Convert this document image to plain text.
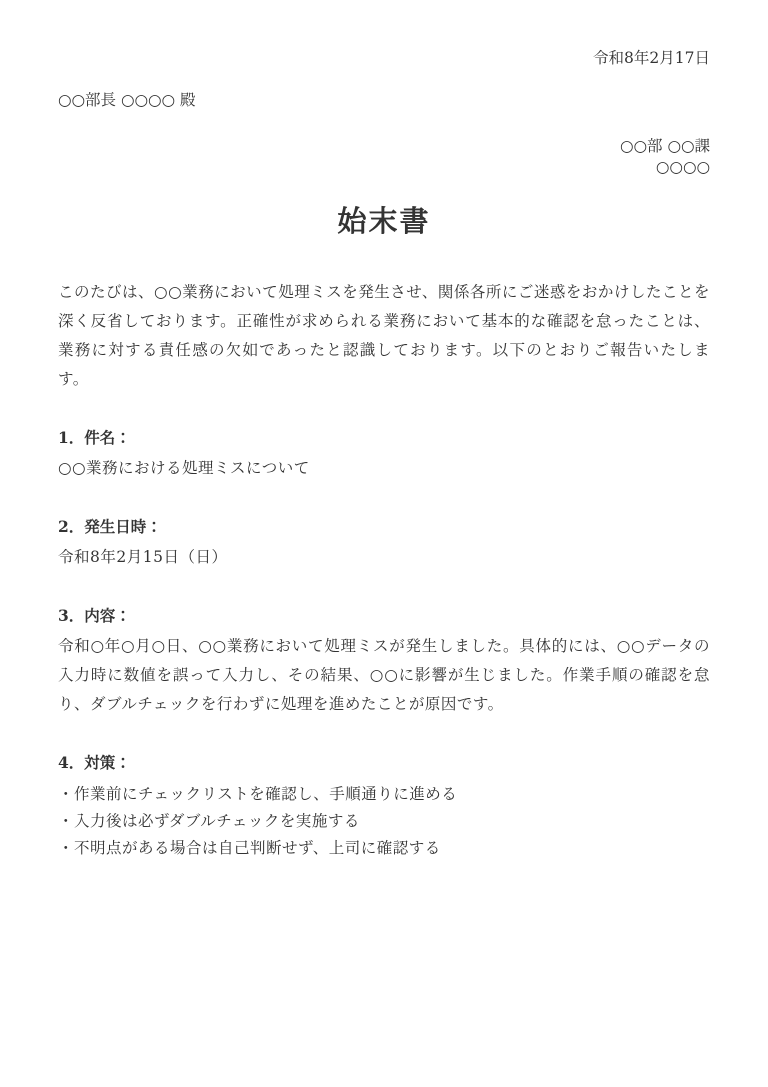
令和8年2月17日
○○部長 ○○○○ 殿
○○部 ○○課
○○○○
始末書

このたびは、○○業務において処理ミスを発生させ、関係各所にご迷惑をおかけしたことを深く反省しております。正確性が求められる業務において基本的な確認を怠ったことは、業務に対する責任感の欠如であったと認識しております。以下のとおりご報告いたします。

1．件名：
○○業務における処理ミスについて
2．発生日時：
令和8年2月15日（日）
3．内容：
令和○年○月○日、○○業務において処理ミスが発生しました。具体的には、○○データの入力時に数値を誤って入力し、その結果、○○に影響が生じました。作業手順の確認を怠り、ダブルチェックを行わずに処理を進めたことが原因です。
4．対策：
・作業前にチェックリストを確認し、手順通りに進める
・入力後は必ずダブルチェックを実施する
・不明点がある場合は自己判断せず、上司に確認する
